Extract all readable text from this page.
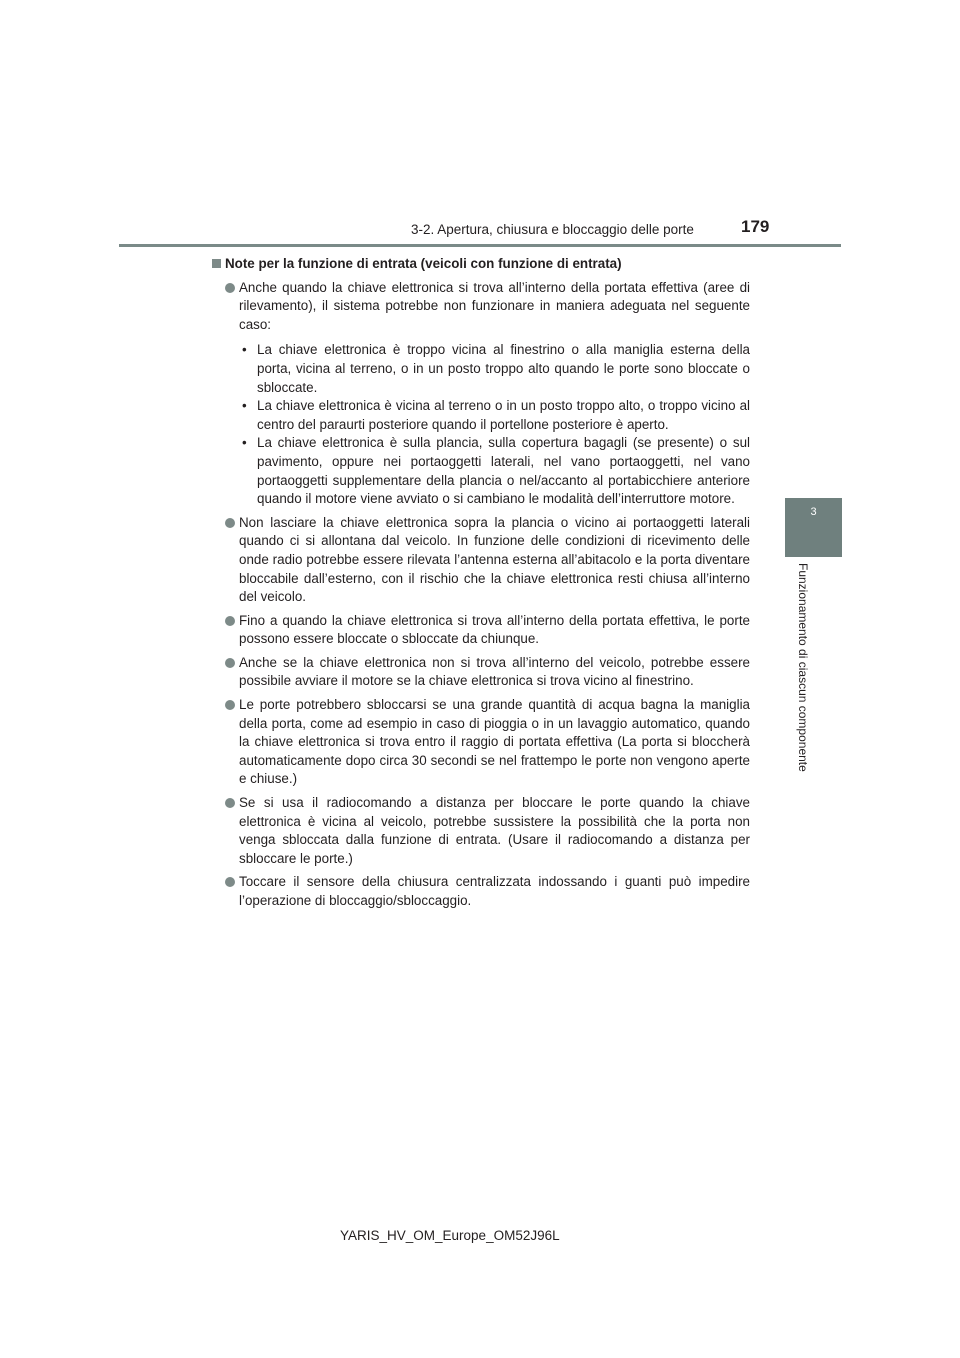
3-2. Apertura, chiusura e bloccaggio delle porte	179
3
Funzionamento di ciascun componente
Note per la funzione di entrata (veicoli con funzione di entrata)
Anche quando la chiave elettronica si trova all’interno della portata effettiva (aree di rilevamento), il sistema potrebbe non funzionare in maniera adeguata nel seguente caso:
• La chiave elettronica è troppo vicina al finestrino o alla maniglia esterna della porta, vicina al terreno, o in un posto troppo alto quando le porte sono bloccate o sbloccate.
• La chiave elettronica è vicina al terreno o in un posto troppo alto, o troppo vicino al centro del paraurti posteriore quando il portellone posteriore è aperto.
• La chiave elettronica è sulla plancia, sulla copertura bagagli (se presente) o sul pavimento, oppure nei portaoggetti laterali, nel vano portaoggetti, nel vano portaoggetti supplementare della plancia o nel/accanto al portabicchiere anteriore quando il motore viene avviato o si cambiano le modalità dell’interruttore motore.
Non lasciare la chiave elettronica sopra la plancia o vicino ai portaoggetti laterali quando ci si allontana dal veicolo. In funzione delle condizioni di ricevimento delle onde radio potrebbe essere rilevata l’antenna esterna all’abitacolo e la porta diventare bloccabile dall’esterno, con il rischio che la chiave elettronica resti chiusa all’interno del veicolo.
Fino a quando la chiave elettronica si trova all’interno della portata effettiva, le porte possono essere bloccate o sbloccate da chiunque.
Anche se la chiave elettronica non si trova all’interno del veicolo, potrebbe essere possibile avviare il motore se la chiave elettronica si trova vicino al finestrino.
Le porte potrebbero sbloccarsi se una grande quantità di acqua bagna la maniglia della porta, come ad esempio in caso di pioggia o in un lavaggio automatico, quando la chiave elettronica si trova entro il raggio di portata effettiva (La porta si bloccherà automaticamente dopo circa 30 secondi se nel frattempo le porte non vengono aperte e chiuse.)
Se si usa il radiocomando a distanza per bloccare le porte quando la chiave elettronica è vicina al veicolo, potrebbe sussistere la possibilità che la porta non venga sbloccata dalla funzione di entrata. (Usare il radiocomando a distanza per sbloccare le porte.)
Toccare il sensore della chiusura centralizzata indossando i guanti può impedire l’operazione di bloccaggio/sbloccaggio.
YARIS_HV_OM_Europe_OM52J96L
